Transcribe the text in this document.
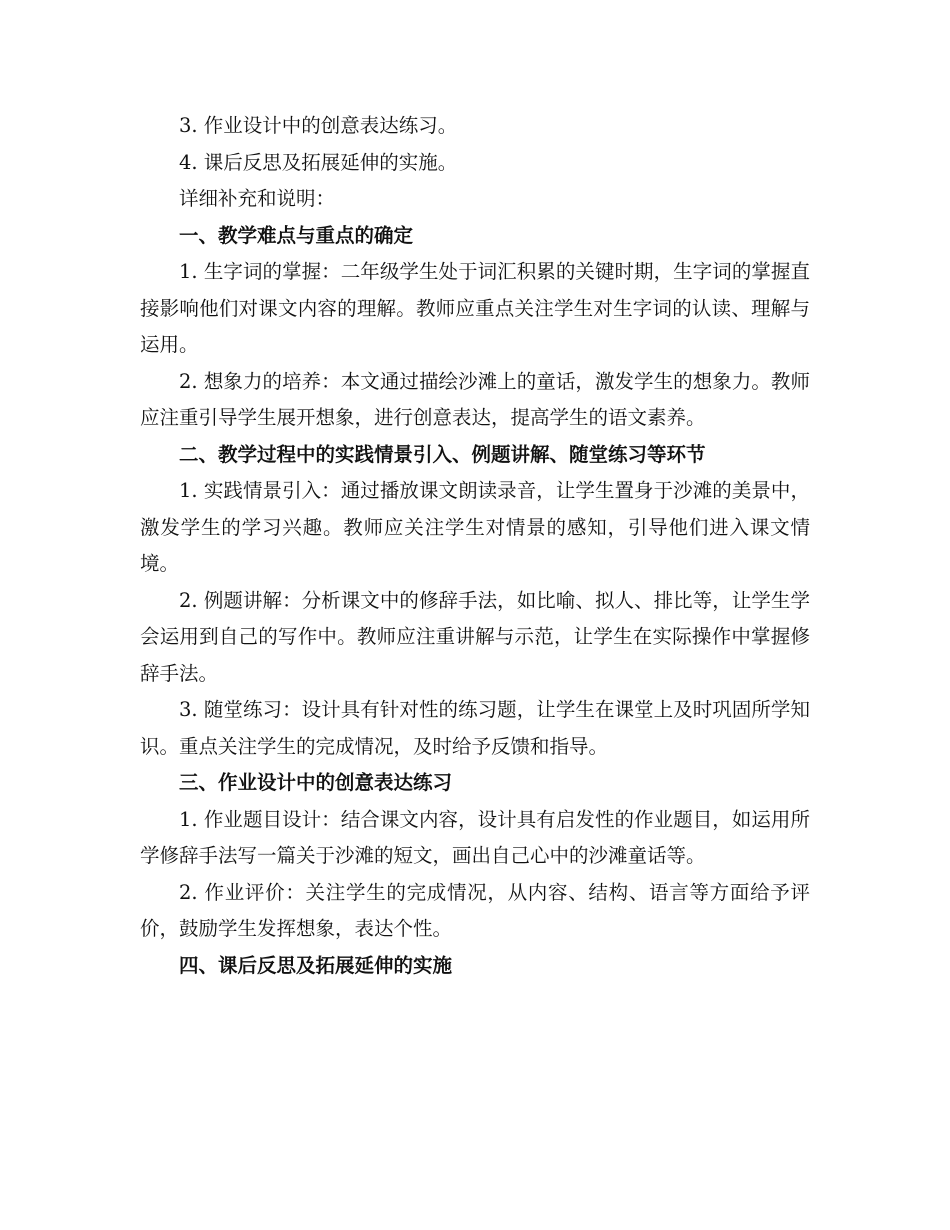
3. 作业设计中的创意表达练习。

4. 课后反思及拓展延伸的实施。

详细补充和说明：

一、教学难点与重点的确定

1. 生字词的掌握：二年级学生处于词汇积累的关键时期，生字词的掌握直接影响他们对课文内容的理解。教师应重点关注学生对生字词的认读、理解与运用。

2. 想象力的培养：本文通过描绘沙滩上的童话，激发学生的想象力。教师应注重引导学生展开想象，进行创意表达，提高学生的语文素养。

二、教学过程中的实践情景引入、例题讲解、随堂练习等环节

1. 实践情景引入：通过播放课文朗读录音，让学生置身于沙滩的美景中，激发学生的学习兴趣。教师应关注学生对情景的感知，引导他们进入课文情境。

2. 例题讲解：分析课文中的修辞手法，如比喻、拟人、排比等，让学生学会运用到自己的写作中。教师应注重讲解与示范，让学生在实际操作中掌握修辞手法。

3. 随堂练习：设计具有针对性的练习题，让学生在课堂上及时巩固所学知识。重点关注学生的完成情况，及时给予反馈和指导。

三、作业设计中的创意表达练习

1. 作业题目设计：结合课文内容，设计具有启发性的作业题目，如运用所学修辞手法写一篇关于沙滩的短文，画出自己心中的沙滩童话等。

2. 作业评价：关注学生的完成情况，从内容、结构、语言等方面给予评价，鼓励学生发挥想象，表达个性。

四、课后反思及拓展延伸的实施
